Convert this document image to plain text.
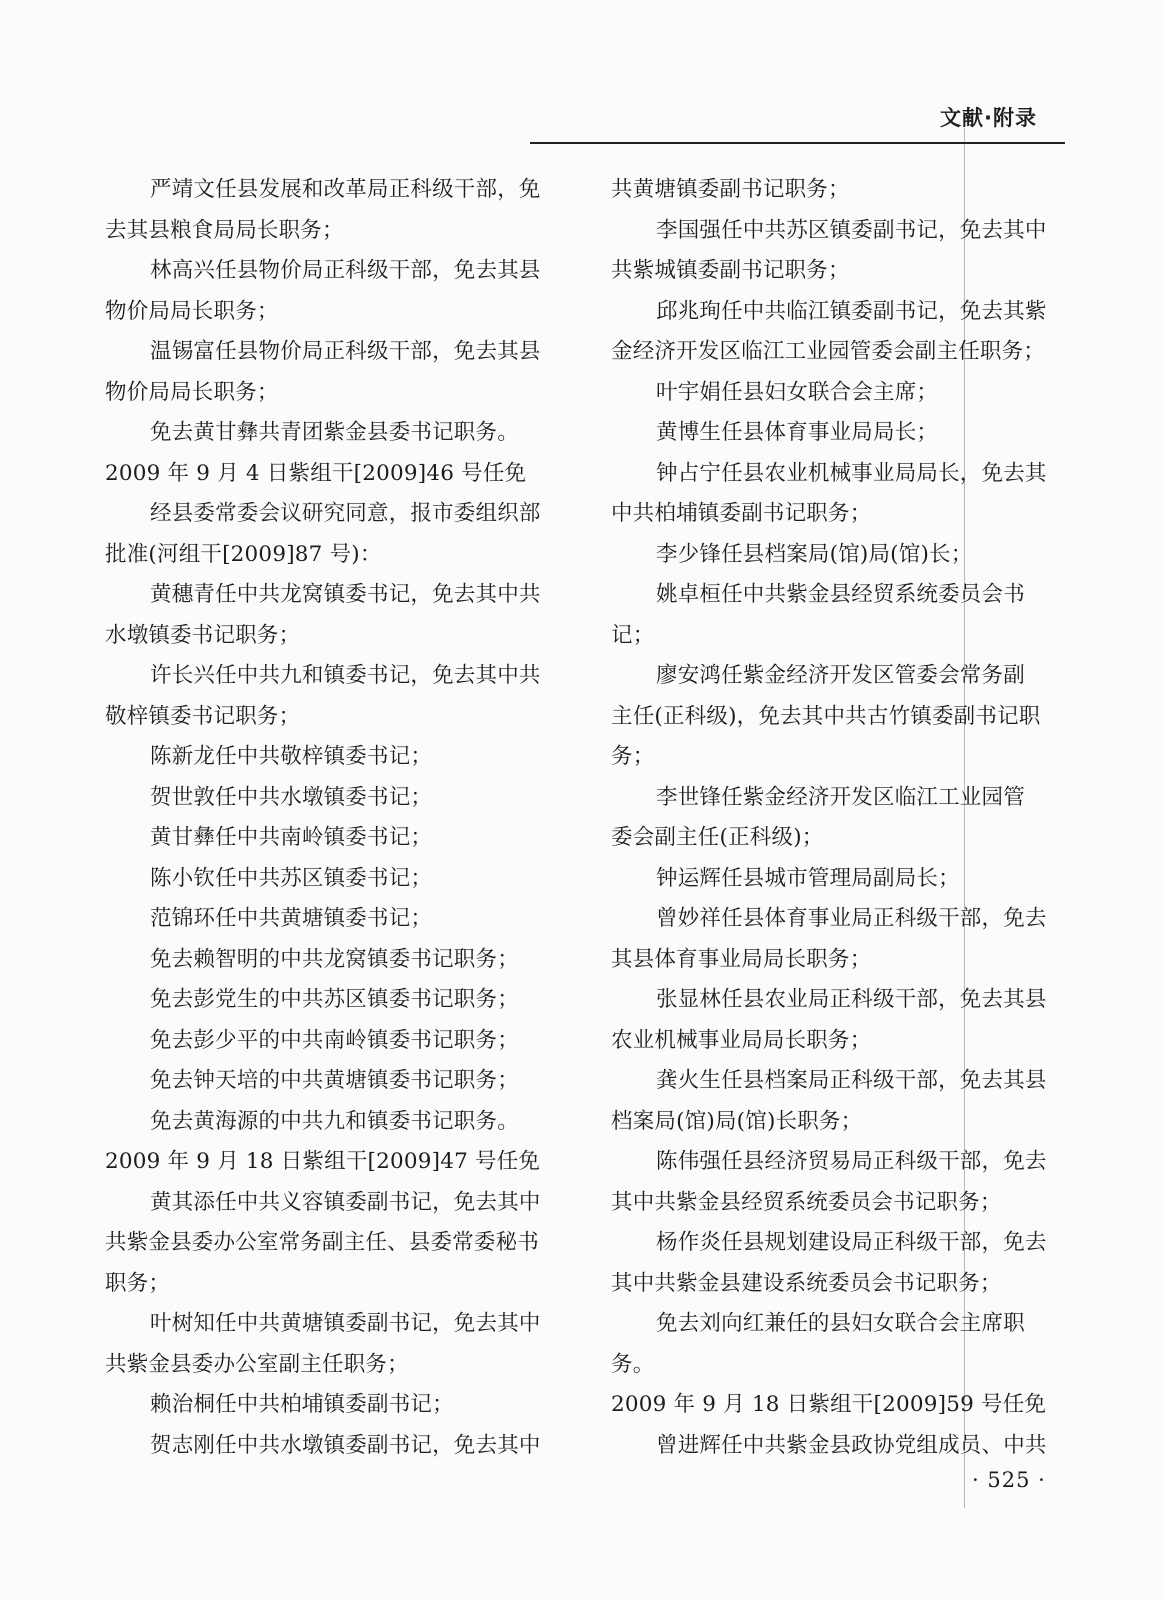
文献·附录
严靖文任县发展和改革局正科级干部，免
去其县粮食局局长职务；
林高兴任县物价局正科级干部，免去其县
物价局局长职务；
温锡富任县物价局正科级干部，免去其县
物价局局长职务；
免去黄甘彝共青团紫金县委书记职务。
2009 年 9 月 4 日紫组干[2009]46 号任免
经县委常委会议研究同意，报市委组织部
批准(河组干[2009]87 号)：
黄穗青任中共龙窝镇委书记，免去其中共
水墩镇委书记职务；
许长兴任中共九和镇委书记，免去其中共
敬梓镇委书记职务；
陈新龙任中共敬梓镇委书记；
贺世敦任中共水墩镇委书记；
黄甘彝任中共南岭镇委书记；
陈小钦任中共苏区镇委书记；
范锦环任中共黄塘镇委书记；
免去赖智明的中共龙窝镇委书记职务；
免去彭党生的中共苏区镇委书记职务；
免去彭少平的中共南岭镇委书记职务；
免去钟天培的中共黄塘镇委书记职务；
免去黄海源的中共九和镇委书记职务。
2009 年 9 月 18 日紫组干[2009]47 号任免
黄其添任中共义容镇委副书记，免去其中
共紫金县委办公室常务副主任、县委常委秘书
职务；
叶树知任中共黄塘镇委副书记，免去其中
共紫金县委办公室副主任职务；
赖治桐任中共柏埔镇委副书记；
贺志刚任中共水墩镇委副书记，免去其中
共黄塘镇委副书记职务；
李国强任中共苏区镇委副书记，免去其中
共紫城镇委副书记职务；
邱兆珣任中共临江镇委副书记，免去其紫
金经济开发区临江工业园管委会副主任职务；
叶宇娟任县妇女联合会主席；
黄博生任县体育事业局局长；
钟占宁任县农业机械事业局局长，免去其
中共柏埔镇委副书记职务；
李少锋任县档案局(馆)局(馆)长；
姚卓桓任中共紫金县经贸系统委员会书
记；
廖安鸿任紫金经济开发区管委会常务副
主任(正科级)，免去其中共古竹镇委副书记职
务；
李世锋任紫金经济开发区临江工业园管
委会副主任(正科级)；
钟运辉任县城市管理局副局长；
曾妙祥任县体育事业局正科级干部，免去
其县体育事业局局长职务；
张显林任县农业局正科级干部，免去其县
农业机械事业局局长职务；
龚火生任县档案局正科级干部，免去其县
档案局(馆)局(馆)长职务；
陈伟强任县经济贸易局正科级干部，免去
其中共紫金县经贸系统委员会书记职务；
杨作炎任县规划建设局正科级干部，免去
其中共紫金县建设系统委员会书记职务；
免去刘向红兼任的县妇女联合会主席职
务。
2009 年 9 月 18 日紫组干[2009]59 号任免
曾进辉任中共紫金县政协党组成员、中共
· 525 ·
